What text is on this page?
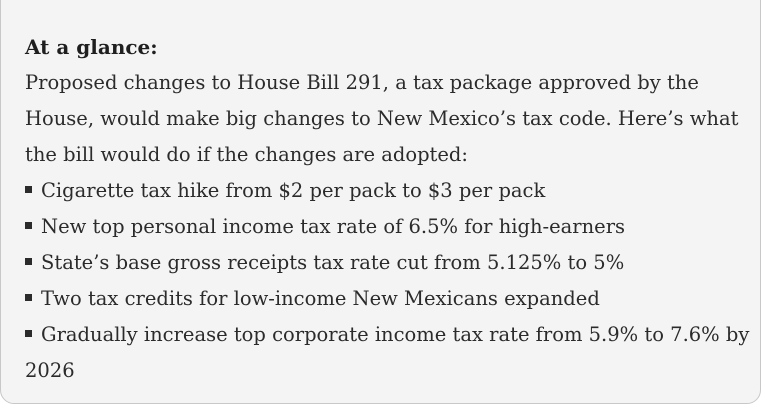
At a glance:

Proposed changes to House Bill 291, a tax package approved by the House, would make big changes to New Mexico’s tax code. Here’s what the bill would do if the changes are adopted:

Cigarette tax hike from $2 per pack to $3 per pack
New top personal income tax rate of 6.5% for high-earners
State’s base gross receipts tax rate cut from 5.125% to 5%
Two tax credits for low-income New Mexicans expanded
Gradually increase top corporate income tax rate from 5.9% to 7.6% by 2026
